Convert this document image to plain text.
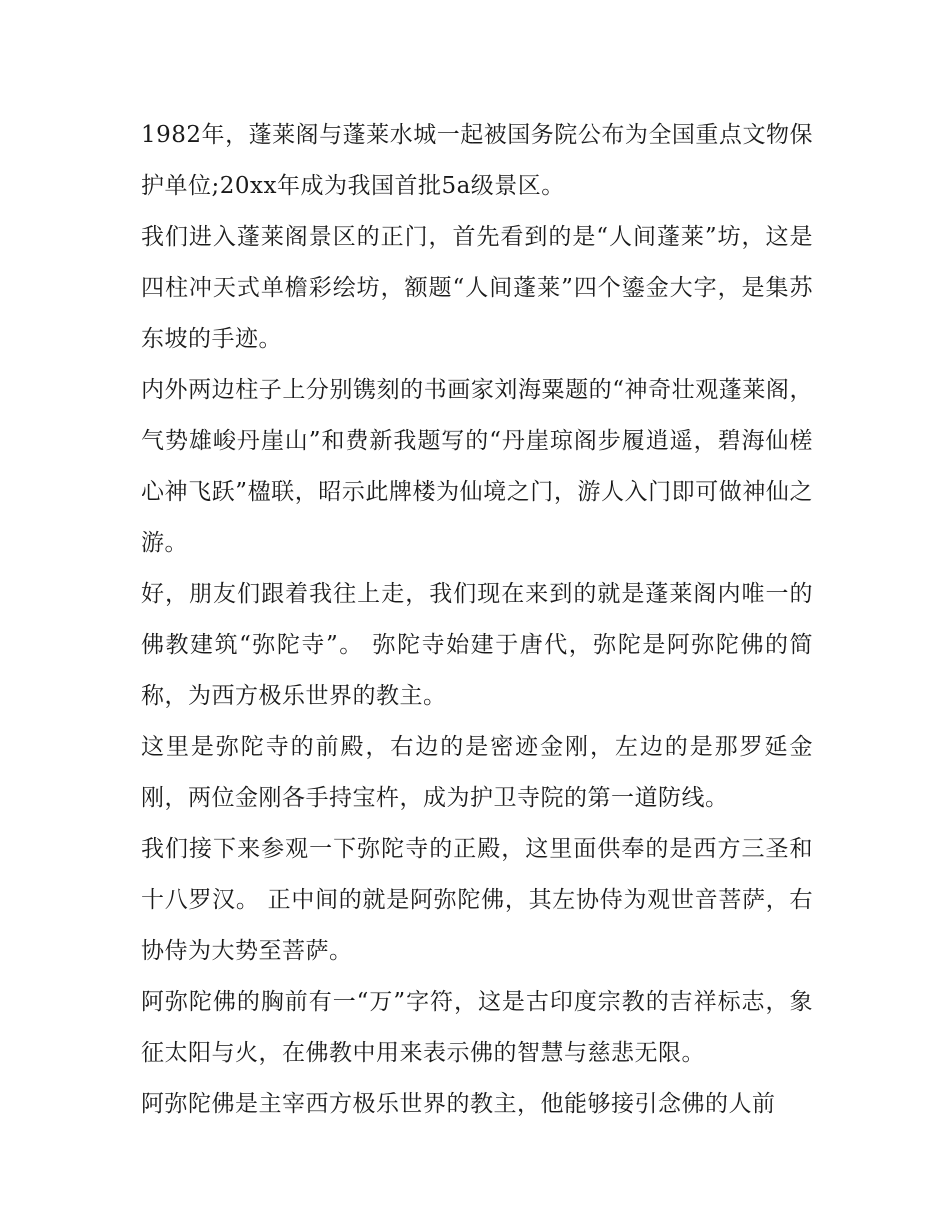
1982年，蓬莱阁与蓬莱水城一起被国务院公布为全国重点文物保护单位;20xx年成为我国首批5a级景区。

我们进入蓬莱阁景区的正门，首先看到的是“人间蓬莱”坊，这是四柱冲天式单檐彩绘坊，额题“人间蓬莱”四个鎏金大字，是集苏东坡的手迹。

内外两边柱子上分别镌刻的书画家刘海粟题的“神奇壮观蓬莱阁，气势雄峻丹崖山”和费新我题写的“丹崖琼阁步履逍遥，碧海仙槎心神飞跃”楹联，昭示此牌楼为仙境之门，游人入门即可做神仙之游。

好，朋友们跟着我往上走，我们现在来到的就是蓬莱阁内唯一的佛教建筑“弥陀寺”。 弥陀寺始建于唐代，弥陀是阿弥陀佛的简称，为西方极乐世界的教主。

这里是弥陀寺的前殿，右边的是密迹金刚，左边的是那罗延金刚，两位金刚各手持宝杵，成为护卫寺院的第一道防线。

我们接下来参观一下弥陀寺的正殿，这里面供奉的是西方三圣和十八罗汉。 正中间的就是阿弥陀佛，其左协侍为观世音菩萨，右协侍为大势至菩萨。

阿弥陀佛的胸前有一“万”字符，这是古印度宗教的吉祥标志，象征太阳与火，在佛教中用来表示佛的智慧与慈悲无限。

阿弥陀佛是主宰西方极乐世界的教主，他能够接引念佛的人前
